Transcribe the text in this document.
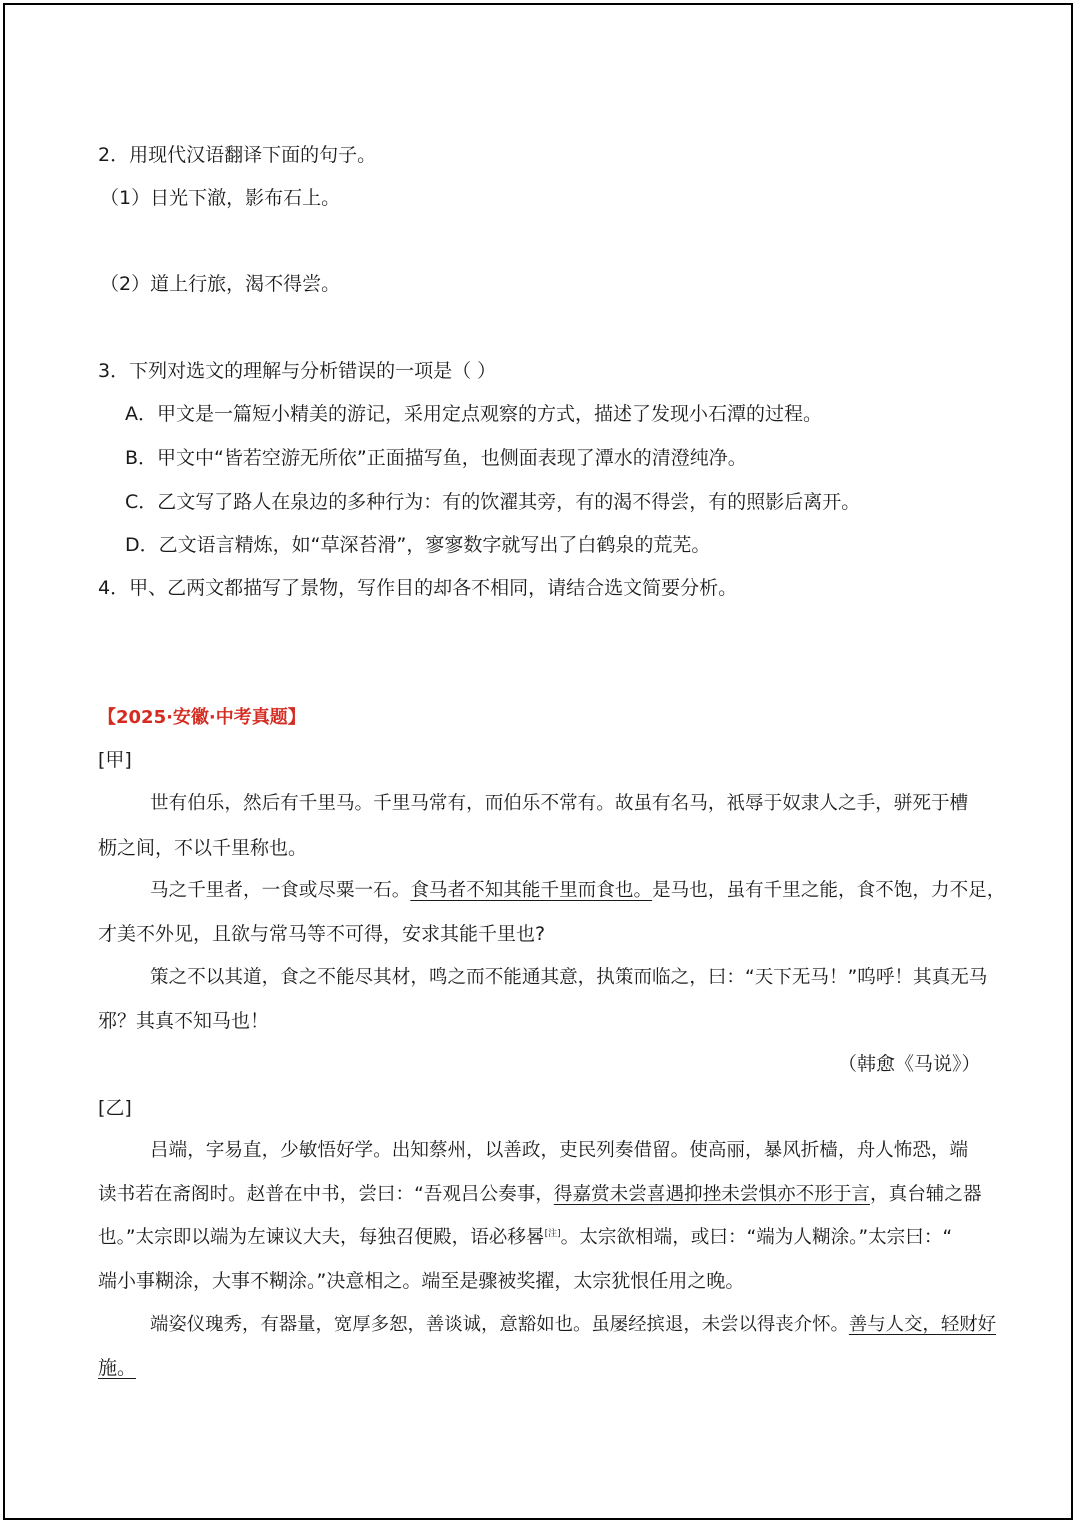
2．用现代汉语翻译下面的句子。
（1）日光下澈，影布石上。
（2）道上行旅，渴不得尝。
3．下列对选文的理解与分析错误的一项是（ ）
A．甲文是一篇短小精美的游记，采用定点观察的方式，描述了发现小石潭的过程。
B．甲文中“皆若空游无所依”正面描写鱼，也侧面表现了潭水的清澄纯净。
C．乙文写了路人在泉边的多种行为：有的饮濯其旁，有的渴不得尝，有的照影后离开。
D．乙文语言精炼，如“草深苔滑”，寥寥数字就写出了白鹤泉的荒芜。
4．甲、乙两文都描写了景物，写作目的却各不相同，请结合选文简要分析。
【2025·安徽·中考真题】
[甲]
世有伯乐，然后有千里马。千里马常有，而伯乐不常有。故虽有名马，祇辱于奴隶人之手，骈死于槽
枥之间，不以千里称也。
马之千里者，一食或尽粟一石。食马者不知其能千里而食也。是马也，虽有千里之能，食不饱，力不足，
才美不外见，且欲与常马等不可得，安求其能千里也?
策之不以其道，食之不能尽其材，鸣之而不能通其意，执策而临之，曰：“天下无马！”呜呼！其真无马
邪？其真不知马也！
（韩愈《马说》）
[乙]
吕端，字易直，少敏悟好学。出知蔡州，以善政，吏民列奏借留。使高丽，暴风折樯，舟人怖恐，端
读书若在斋阁时。赵普在中书，尝曰：“吾观吕公奏事，得嘉赏未尝喜遇抑挫未尝惧亦不形于言，真台辅之器
也。”太宗即以端为左谏议大夫，每独召便殿，语必移晷[注]。太宗欲相端，或曰：“端为人糊涂。”太宗曰：“
端小事糊涂，大事不糊涂。”决意相之。端至是骤被奖擢，太宗犹恨任用之晚。
端姿仪瑰秀，有器量，宽厚多恕，善谈诚，意豁如也。虽屡经摈退，未尝以得丧介怀。善与人交，轻财好
施。
